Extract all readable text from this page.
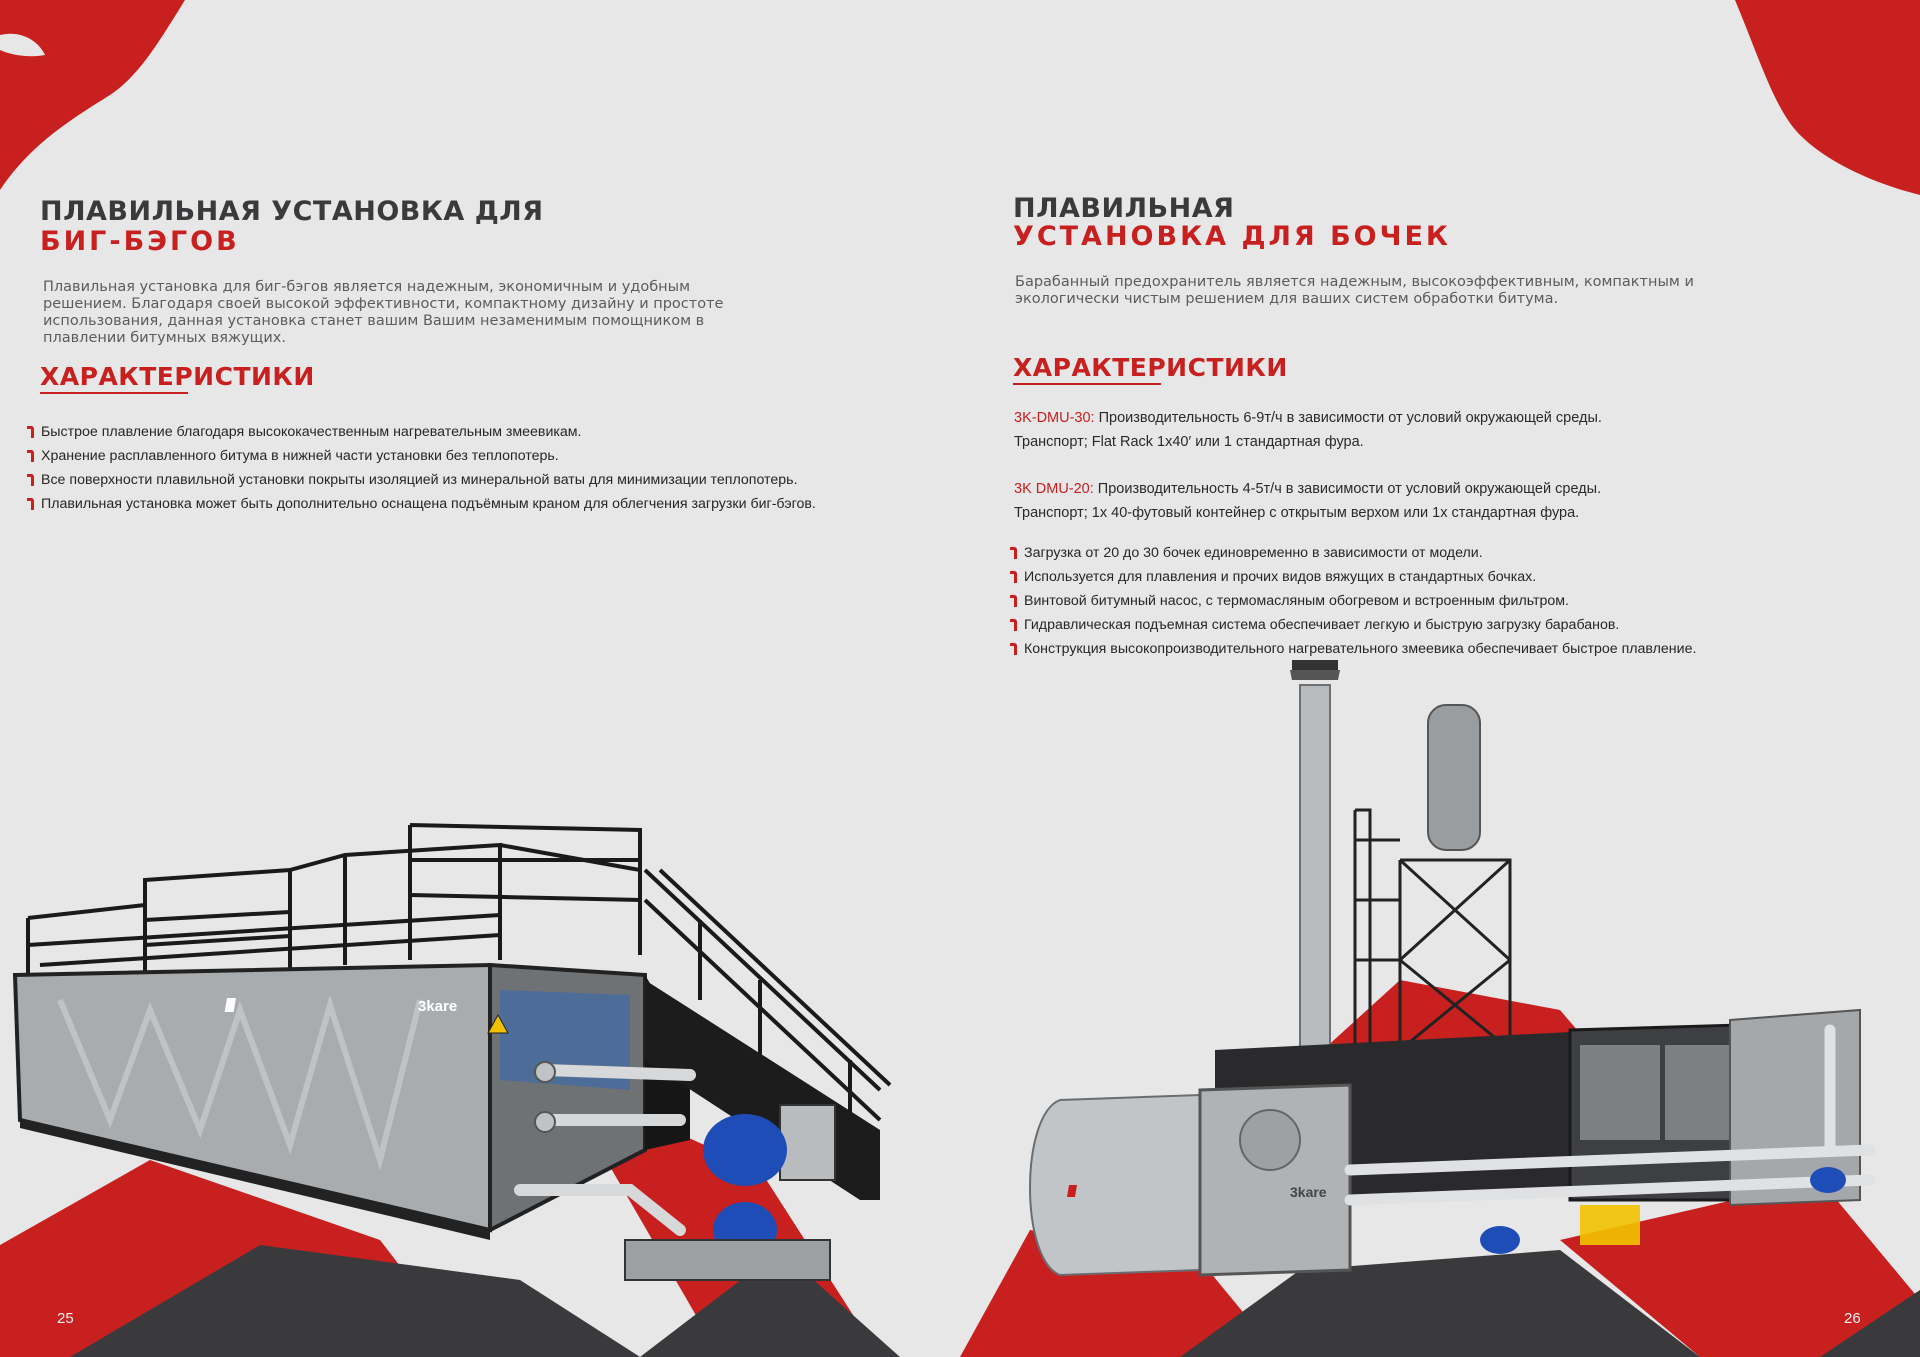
ПЛАВИЛЬНАЯ УСТАНОВКА ДЛЯ
БИГ-БЭГОВ

Плавильная установка для биг-бэгов является надежным, экономичным и удобным

решением. Благодаря своей высокой эффективности, компактному дизайну и простоте

использования, данная установка станет вашим Вашим незаменимым помощником в

плавлении битумных вяжущих.

ХАРАКТЕРИСТИКИ
Быстрое плавление благодаря высококачественным нагревательным змеевикам.
Хранение расплавленного битума в нижней части установки без теплопотерь.
Все поверхности плавильной установки покрыты изоляцией из минеральной ваты для минимизации теплопотерь.
Плавильная установка может быть дополнительно оснащена подъёмным краном для облегчения загрузки биг-бэгов.
3kare
25
ПЛАВИЛЬНАЯ
УСТАНОВКА ДЛЯ БОЧЕК

Барабанный предохранитель является надежным, высокоэффективным, компактным и

экологически чистым решением для ваших систем обработки битума.

ХАРАКТЕРИСТИКИ

3K-DMU-30: Производительность 6-9т/ч в зависимости от условий окружающей среды.

Транспорт; Flat Rack 1x40′ или 1 стандартная фура.

3K DMU-20: Производительность 4-5т/ч в зависимости от условий окружающей среды.

Транспорт; 1x 40-футовый контейнер с открытым верхом или 1x стандартная фура.

Загрузка от 20 до 30 бочек единовременно в зависимости от модели.
Используется для плавления и прочих видов вяжущих в стандартных бочках.
Винтовой битумный насос, с термомасляным обогревом и встроенным фильтром.
Гидравлическая подъемная система обеспечивает легкую и быструю загрузку барабанов.
Конструкция высокопроизводительного нагревательного змеевика обеспечивает быстрое плавление.
3kare
26
